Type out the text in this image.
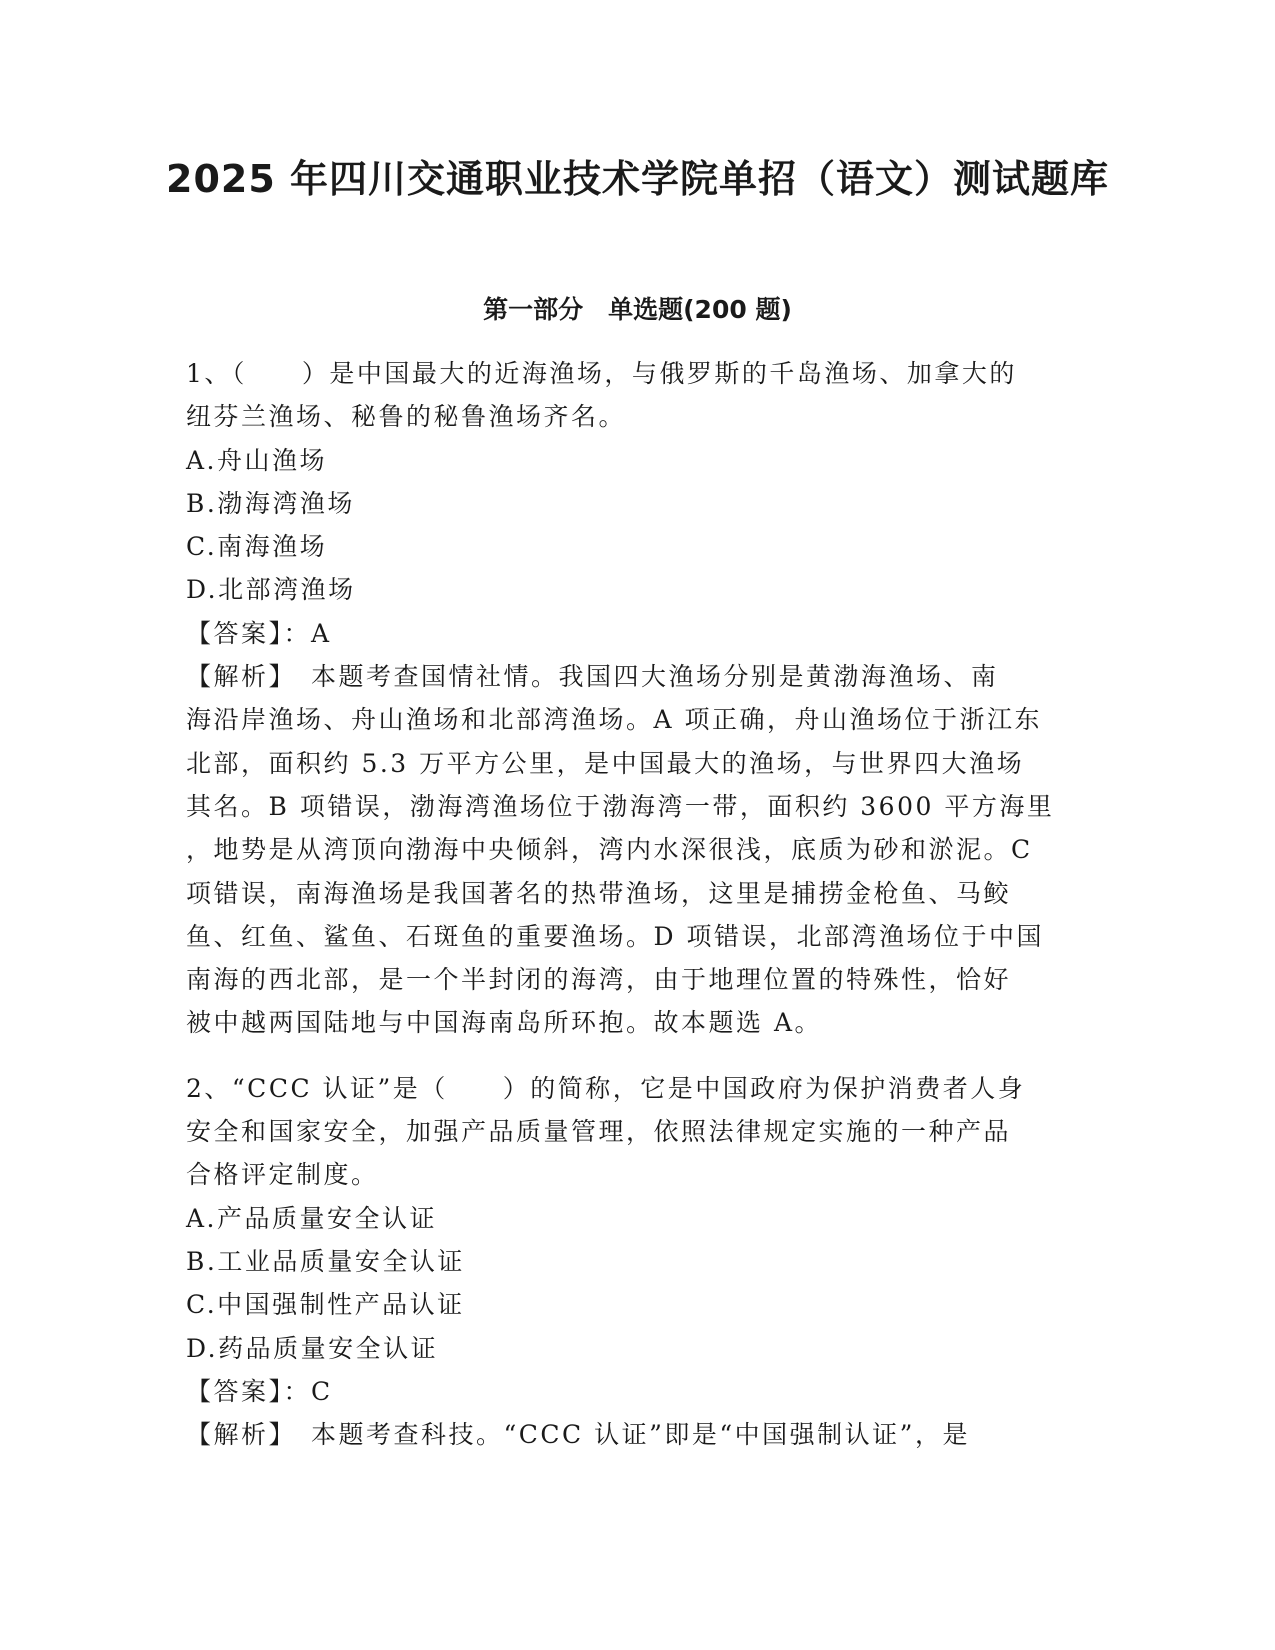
2025 年四川交通职业技术学院单招（语文）测试题库
第一部分　单选题(200 题)

1、（　　）是中国最大的近海渔场，与俄罗斯的千岛渔场、加拿大的

纽芬兰渔场、秘鲁的秘鲁渔场齐名。

A.舟山渔场

B.渤海湾渔场

C.南海渔场

D.北部湾渔场

【答案】：A

【解析】　本题考查国情社情。我国四大渔场分别是黄渤海渔场、南

海沿岸渔场、舟山渔场和北部湾渔场。A 项正确，舟山渔场位于浙江东

北部，面积约 5.3 万平方公里，是中国最大的渔场，与世界四大渔场

其名。B 项错误，渤海湾渔场位于渤海湾一带，面积约 3600 平方海里

，地势是从湾顶向渤海中央倾斜，湾内水深很浅，底质为砂和淤泥。C

项错误，南海渔场是我国著名的热带渔场，这里是捕捞金枪鱼、马鲛

鱼、红鱼、鲨鱼、石斑鱼的重要渔场。D 项错误，北部湾渔场位于中国

南海的西北部，是一个半封闭的海湾，由于地理位置的特殊性，恰好

被中越两国陆地与中国海南岛所环抱。故本题选 A。

2、“CCC 认证”是（　　）的简称，它是中国政府为保护消费者人身

安全和国家安全，加强产品质量管理，依照法律规定实施的一种产品

合格评定制度。

A.产品质量安全认证

B.工业品质量安全认证

C.中国强制性产品认证

D.药品质量安全认证

【答案】：C

【解析】　本题考查科技。“CCC 认证”即是“中国强制认证”，是
